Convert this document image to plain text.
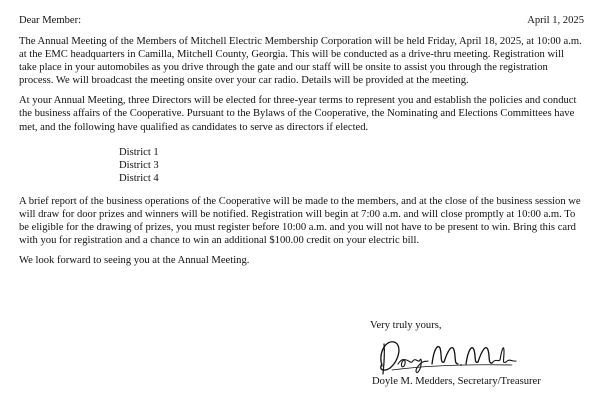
Dear Member:	April 1, 2025

The Annual Meeting of the Members of Mitchell Electric Membership Corporation will be held Friday, April 18, 2025, at 10:00 a.m. at the EMC headquarters in Camilla, Mitchell County, Georgia. This will be conducted as a drive-thru meeting. Registration will take place in your automobiles as you drive through the gate and our staff will be onsite to assist you through the registration process. We will broadcast the meeting onsite over your car radio. Details will be provided at the meeting.

At your Annual Meeting, three Directors will be elected for three-year terms to represent you and establish the policies and conduct the business affairs of the Cooperative. Pursuant to the Bylaws of the Cooperative, the Nominating and Elections Committees have met, and the following have qualified as candidates to serve as directors if elected.

District 1
District 3
District 4

A brief report of the business operations of the Cooperative will be made to the members, and at the close of the business session we will draw for door prizes and winners will be notified. Registration will begin at 7:00 a.m. and will close promptly at 10:00 a.m. To be eligible for the drawing of prizes, you must register before 10:00 a.m. and you will not have to be present to win. Bring this card with you for registration and a chance to win an additional $100.00 credit on your electric bill.

We look forward to seeing you at the Annual Meeting.

Very truly yours,
Doyle M. Medders, Secretary/Treasurer
